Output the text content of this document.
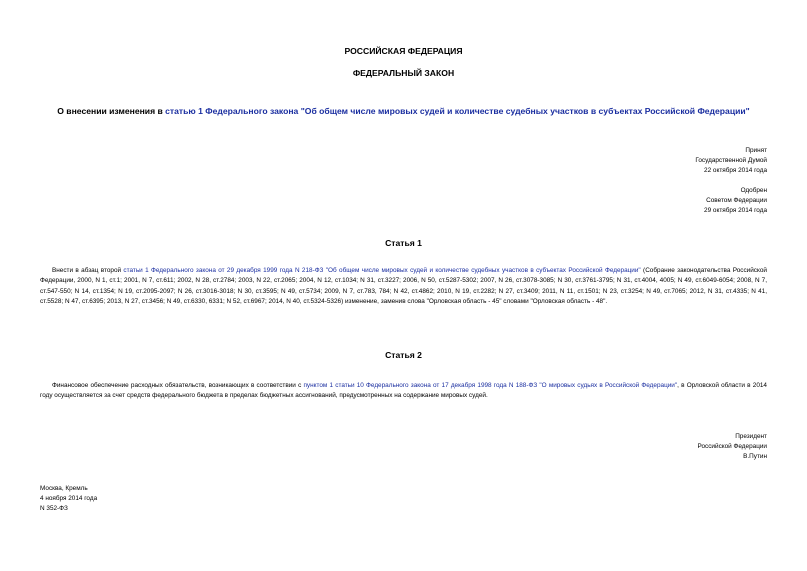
РОССИЙСКАЯ ФЕДЕРАЦИЯ
ФЕДЕРАЛЬНЫЙ ЗАКОН
О внесении изменения в статью 1 Федерального закона "Об общем числе мировых судей и количестве судебных участков в субъектах Российской Федерации"
Принят
Государственной Думой
22 октября 2014 года
Одобрен
Советом Федерации
29 октября 2014 года
Статья 1
Внести в абзац второй статьи 1 Федерального закона от 29 декабря 1999 года N 218-ФЗ "Об общем числе мировых судей и количестве судебных участков в субъектах Российской Федерации" (Собрание законодательства Российской Федерации, 2000, N 1, ст.1; 2001, N 7, ст.611; 2002, N 28, ст.2784; 2003, N 22, ст.2065; 2004, N 12, ст.1034; N 31, ст.3227; 2006, N 50, ст.5287-5302; 2007, N 26, ст.3078-3085; N 30, ст.3761-3795; N 31, ст.4004, 4005; N 49, ст.6049-6054; 2008, N 7, ст.547-550; N 14, ст.1354; N 19, ст.2095-2097; N 26, ст.3016-3018; N 30, ст.3595; N 49, ст.5734; 2009, N 7, ст.783, 784; N 42, ст.4862; 2010, N 19, ст.2282; N 27, ст.3409; 2011, N 11, ст.1501; N 23, ст.3254; N 49, ст.7065; 2012, N 31, ст.4335; N 41, ст.5528; N 47, ст.6395; 2013, N 27, ст.3456; N 49, ст.6330, 6331; N 52, ст.6967; 2014, N 40, ст.5324-5326) изменение, заменив слова "Орловская область - 45" словами "Орловская область - 48".
Статья 2
Финансовое обеспечение расходных обязательств, возникающих в соответствии с пунктом 1 статьи 10 Федерального закона от 17 декабря 1998 года N 188-ФЗ "О мировых судьях в Российской Федерации", в Орловской области в 2014 году осуществляется за счет средств федерального бюджета в пределах бюджетных ассигнований, предусмотренных на содержание мировых судей.
Президент
Российской Федерации
В.Путин
Москва, Кремль
4 ноября 2014 года
N 352-ФЗ
